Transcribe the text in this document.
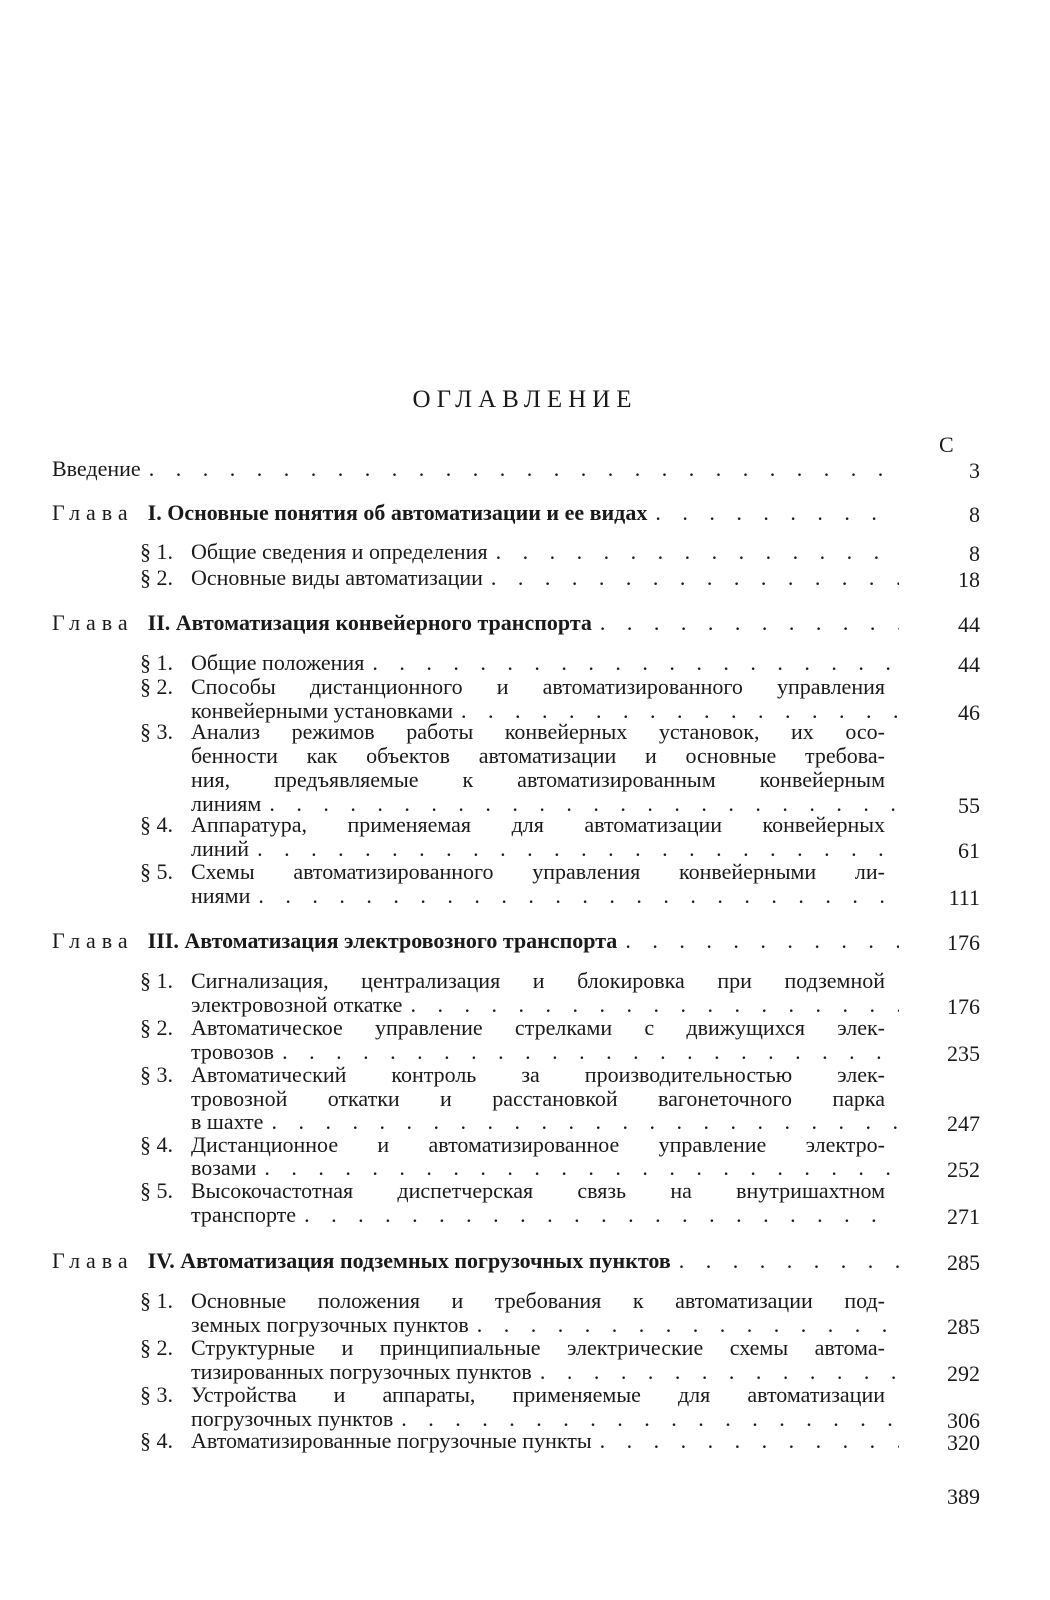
ОГЛАВЛЕНИЕ
С
Введение . . .	3
Глава I. Основные понятия об автоматизации и ее видах . . .	8
§ 1. Общие сведения и определения . . .	8
§ 2. Основные виды автоматизации . . .	18
Глава II. Автоматизация конвейерного транспорта . . .	44
§ 1. Общие положения . . .	44
§ 2. Способы дистанционного и автоматизированного управления
конвейерными установками . . .	46
§ 3. Анализ режимов работы конвейерных установок, их осо-
бенности как объектов автоматизации и основные требова-
ния, предъявляемые к автоматизированным конвейерным
линиям . . .	55
§ 4. Аппаратура, применяемая для автоматизации конвейерных
линий . . .	61
§ 5. Схемы автоматизированного управления конвейерными ли-
ниями . . .	111
Глава III. Автоматизация электровозного транспорта . . .	176
§ 1. Сигнализация, централизация и блокировка при подземной
электровозной откатке . . .	176
§ 2. Автоматическое управление стрелками с движущихся элек-
тровозов . . .	235
§ 3. Автоматический контроль за производительностью элек-
тровозной откатки и расстановкой вагонеточного парка
в шахте . . .	247
§ 4. Дистанционное и автоматизированное управление электро-
возами . . .	252
§ 5. Высокочастотная диспетчерская связь на внутришахтном
транспорте . . .	271
Глава IV. Автоматизация подземных погрузочных пунктов . . .	285
§ 1. Основные положения и требования к автоматизации под-
земных погрузочных пунктов . . .	285
§ 2. Структурные и принципиальные электрические схемы автома-
тизированных погрузочных пунктов . . .	292
§ 3. Устройства и аппараты, применяемые для автоматизации
погрузочных пунктов . . .	306
§ 4. Автоматизированные погрузочные пункты . . .	320
389
